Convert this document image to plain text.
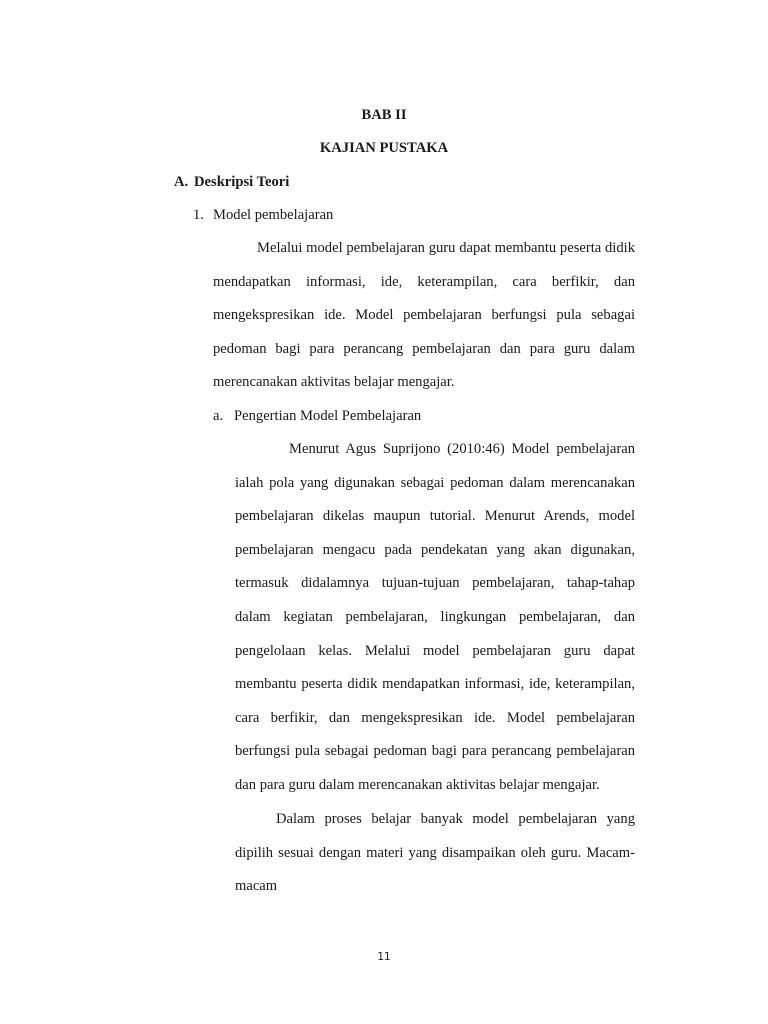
BAB II
KAJIAN PUSTAKA
A. Deskripsi Teori
1. Model pembelajaran

Melalui model pembelajaran guru dapat membantu peserta didik mendapatkan informasi, ide, keterampilan, cara berfikir, dan mengekspresikan ide. Model pembelajaran berfungsi pula sebagai pedoman bagi para perancang pembelajaran dan para guru dalam merencanakan aktivitas belajar mengajar.

a. Pengertian Model Pembelajaran

Menurut Agus Suprijono (2010:46) Model pembelajaran ialah pola yang digunakan sebagai pedoman dalam merencanakan pembelajaran dikelas maupun tutorial. Menurut Arends, model pembelajaran mengacu pada pendekatan yang akan digunakan, termasuk didalamnya tujuan-tujuan pembelajaran, tahap-tahap dalam kegiatan pembelajaran, lingkungan pembelajaran, dan pengelolaan kelas. Melalui model pembelajaran guru dapat membantu peserta didik mendapatkan informasi, ide, keterampilan, cara berfikir, dan mengekspresikan ide. Model pembelajaran berfungsi pula sebagai pedoman bagi para perancang pembelajaran dan para guru dalam merencanakan aktivitas belajar mengajar.

Dalam proses belajar banyak model pembelajaran yang dipilih sesuai dengan materi yang disampaikan oleh guru. Macam-macam

11
